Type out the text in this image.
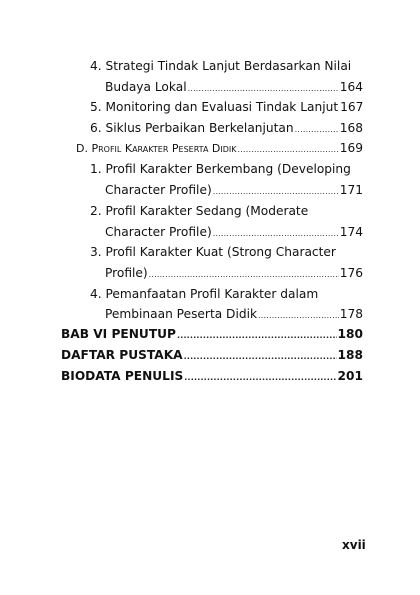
4. Strategi Tindak Lanjut Berdasarkan Nilai
Budaya Lokal .....	164
5. Monitoring dan Evaluasi Tindak Lanjut 167
6. Siklus Perbaikan Berkelanjutan .....	168
D. Profil Karakter Peserta Didik .....	169
1. Profil Karakter Berkembang (Developing
Character Profile) .....	171
2. Profil Karakter Sedang (Moderate
Character Profile) .....	174
3. Profil Karakter Kuat (Strong Character
Profile) .....	176
4. Pemanfaatan Profil Karakter dalam
Pembinaan Peserta Didik .....	178
BAB VI PENUTUP .....	180
DAFTAR PUSTAKA .....	188
BIODATA PENULIS .....	201
xvii
